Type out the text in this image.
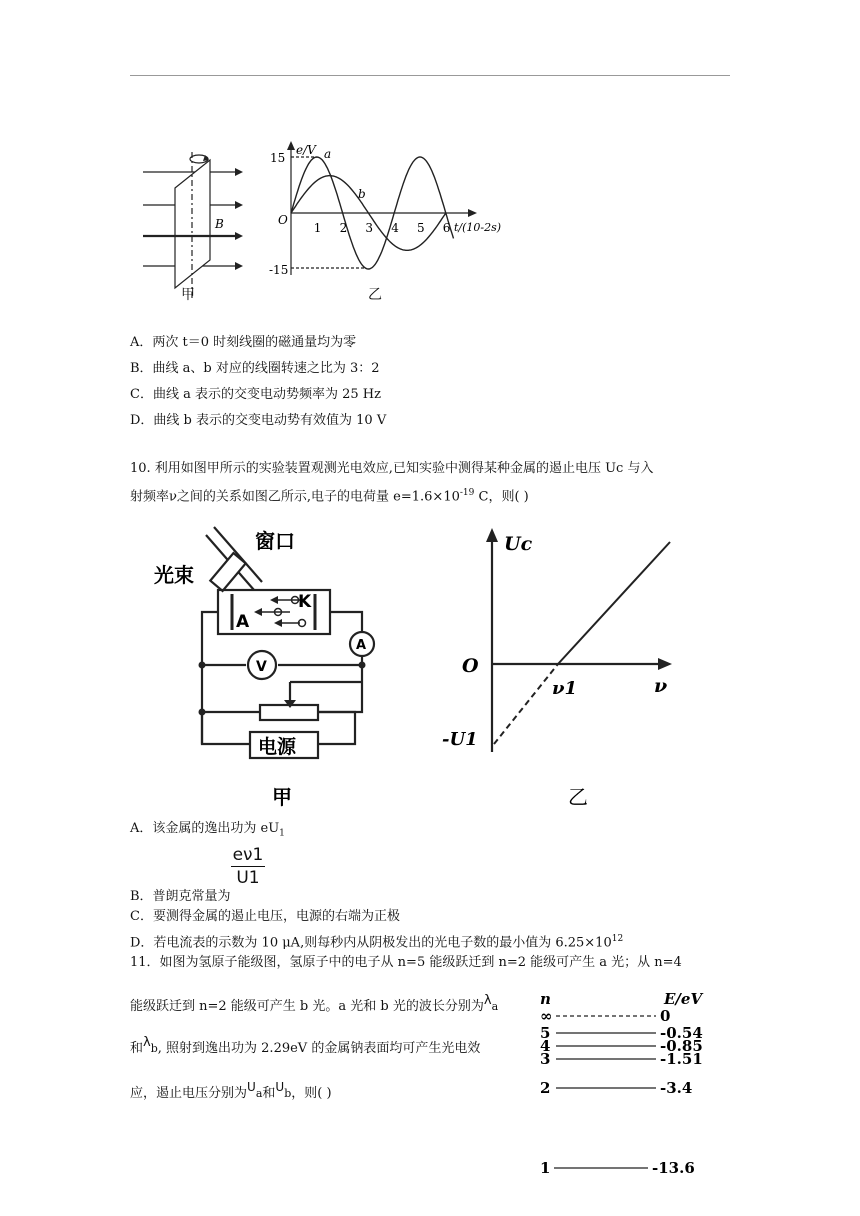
B
甲
e/V
15
-15
O
1 2 3 4 5 6 t/(10-2s)
a
b
乙
A．两次 t＝0 时刻线圈的磁通量均为零
B．曲线 a、b 对应的线圈转速之比为 3：2
C．曲线 a 表示的交变电动势频率为 25 Hz
D．曲线 b 表示的交变电动势有效值为 10 V
10. 利用如图甲所示的实验装置观测光电效应,已知实验中测得某种金属的遏止电压 Uc 与入
射频率ν之间的关系如图乙所示,电子的电荷量 $e=1.6\times 10^{-19}$ C，则( )
窗口
光束
A
K
A
V
电源
甲
Uc
O
ν
ν1
-U1
乙
A．该金属的逸出功为 $eU_1$
B．普朗克常量为
$\frac{e\nu 1}{U1}$
C．要测得金属的遏止电压，电源的右端为正极
D．若电流表的示数为 10 μA,则每秒内从阴极发出的光电子数的最小值为 $6.25\times 10^{12}$
11．如图为氢原子能级图，氢原子中的电子从 n=5 能级跃迁到 n=2 能级可产生 a 光；从 n=4
能级跃迁到 n=2 能级可产生 b 光。a 光和 b 光的波长分别为λa
和λb, 照射到逸出功为 2.29eV 的金属钠表面均可产生光电效
应，遏止电压分别为Ua和Ub，则( )
n	E/eV
∞	0
5	-0.54
4	-0.85
3	-1.51
2	-3.4
1	-13.6
